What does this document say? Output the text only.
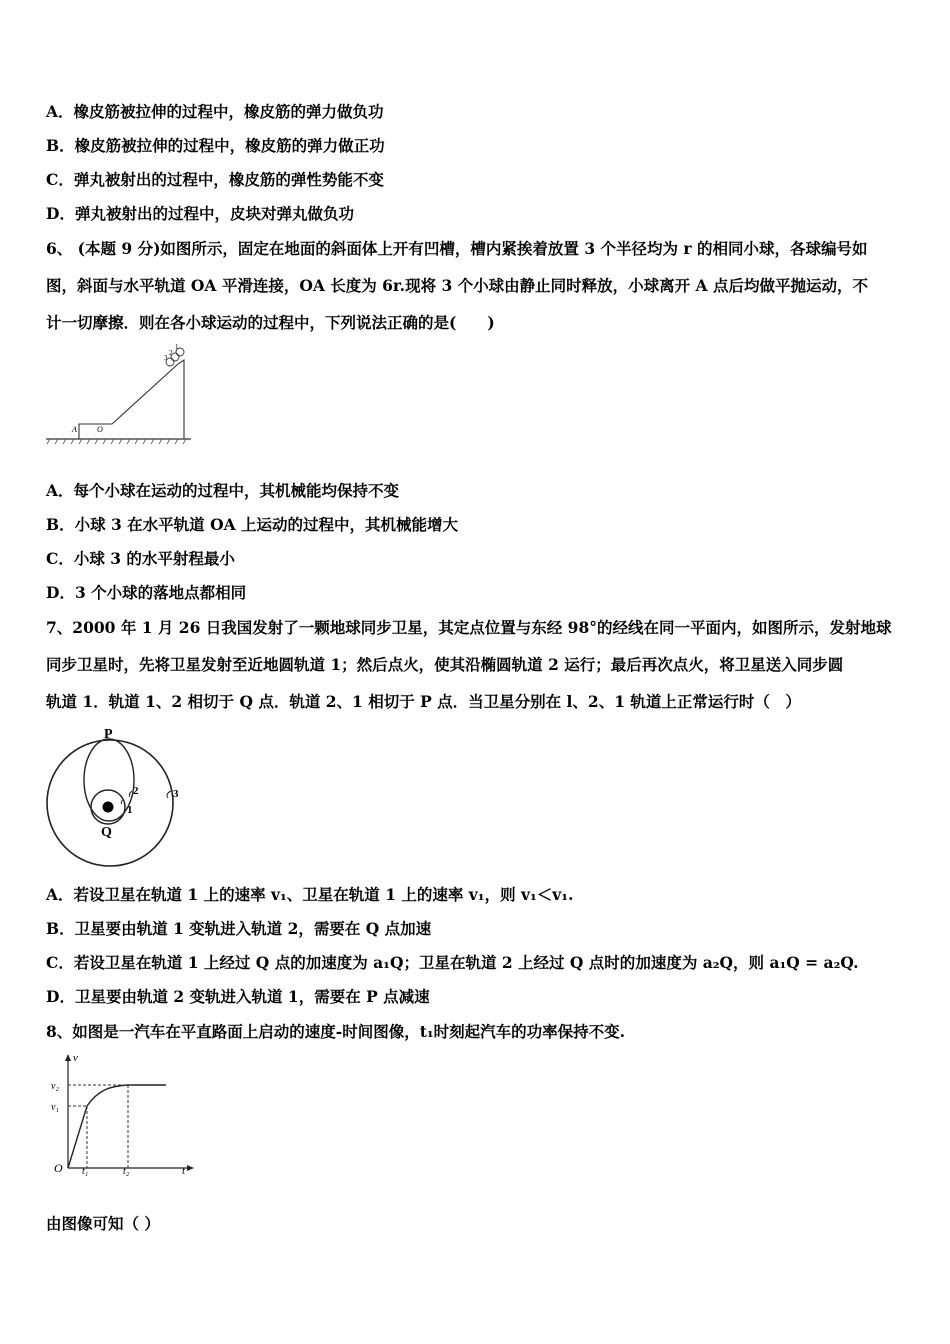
A．橡皮筋被拉伸的过程中，橡皮筋的弹力做负功
B．橡皮筋被拉伸的过程中，橡皮筋的弹力做正功
C．弹丸被射出的过程中，橡皮筋的弹性势能不变
D．弹丸被射出的过程中，皮块对弹丸做负功
6、 (本题 9 分)如图所示，固定在地面的斜面体上开有凹槽，槽内紧挨着放置 3 个半径均为 r 的相同小球，各球编号如
图，斜面与水平轨道 OA 平滑连接，OA 长度为 6r.现将 3 个小球由静止同时释放，小球离开 A 点后均做平抛运动，不
计一切摩擦．则在各小球运动的过程中，下列说法正确的是(　　)
A	O
3
2
1
A．每个小球在运动的过程中，其机械能均保持不变
B．小球 3 在水平轨道 OA 上运动的过程中，其机械能增大
C．小球 3 的水平射程最小
D．3 个小球的落地点都相同
7、2000 年 1 月 26 日我国发射了一颗地球同步卫星，其定点位置与东经 98°的经线在同一平面内，如图所示，发射地球
同步卫星时，先将卫星发射至近地圆轨道 1；然后点火，使其沿椭圆轨道 2 运行；最后再次点火，将卫星送入同步圆
轨道 1．轨道 1、2 相切于 Q 点．轨道 2、1 相切于 P 点．当卫星分别在 l、2、1 轨道上正常运行时（　）
P
Q
1
2	3
A．若设卫星在轨道 1 上的速率 v₁、卫星在轨道 1 上的速率 v₁，则 v₁＜v₁.
B．卫星要由轨道 1 变轨进入轨道 2，需要在 Q 点加速
C．若设卫星在轨道 1 上经过 Q 点的加速度为 a₁Q；卫星在轨道 2 上经过 Q 点时的加速度为 a₂Q，则 a₁Q = a₂Q.
D．卫星要由轨道 2 变轨进入轨道 1，需要在 P 点减速
8、如图是一汽车在平直路面上启动的速度-时间图像，t₁时刻起汽车的功率保持不变.
v
v₂
v₁
O t₁	t₂	t
由图像可知（ ）
